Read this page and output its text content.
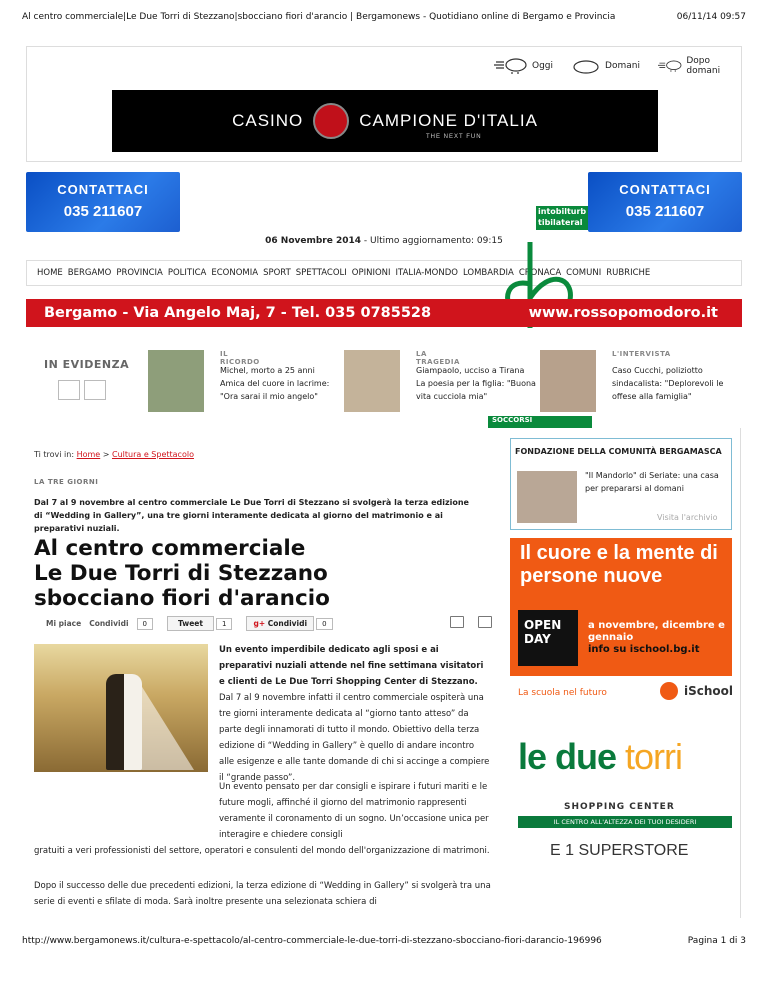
Al centro commerciale|Le Due Torri di Stezzano|sbocciano fiori d'arancio | Bergamonews - Quotidiano online di Bergamo e Provincia	06/11/14 09:57
Oggi	Domani	Dopo domani
CASINO	CAMPIONE D'ITALIA
THE NEXT FUN
CONTATTACI
035 211607	intobilturb tibilateral
CONTATTACI
035 211607
06 Novembre 2014 - Ultimo aggiornamento: 09:15
HOME BERGAMO PROVINCIA POLITICA ECONOMIA SPORT SPETTACOLI OPINIONI ITALIA-MONDO LOMBARDIA CRONACA COMUNI RUBRICHE
Bergamo - Via Angelo Maj, 7 - Tel. 035 0785528	www.rossopomodoro.it
IN EVIDENZA
IL RICORDO
Michel, morto a 25 anni Amica del cuore in lacrime: "Ora sarai il mio angelo"
LA TRAGEDIA
Giampaolo, ucciso a Tirana La poesia per la figlia: "Buona vita cucciola mia"
L'INTERVISTA
Caso Cucchi, poliziotto sindacalista: "Deplorevoli le offese alla famiglia"
SOCCORSI
Ti trovi in: Home > Cultura e Spettacolo
LA TRE GIORNI
Dal 7 al 9 novembre al centro commerciale Le Due Torri di Stezzano si svolgerà la terza edizione di “Wedding in Gallery”, una tre giorni interamente dedicata al giorno del matrimonio e ai preparativi nuziali.
Al centro commerciale Le Due Torri di Stezzano sbocciano fiori d'arancio
Mi piace Condividi	0	Tweet	1	g+ Condividi	0
Un evento imperdibile dedicato agli sposi e ai preparativi nuziali attende nel fine settimana visitatori e clienti de Le Due Torri Shopping Center di Stezzano. Dal 7 al 9 novembre infatti il centro commerciale ospiterà una tre giorni interamente dedicata al “giorno tanto atteso” da parte degli innamorati di tutto il mondo. Obiettivo della terza edizione di “Wedding in Gallery” è quello di andare incontro alle esigenze e alle tante domande di chi si accinge a compiere il “grande passo”.
Un evento pensato per dar consigli e ispirare i futuri mariti e le future mogli, affinché il giorno del matrimonio rappresenti veramente il coronamento di un sogno. Un’occasione unica per interagire e chiedere consigli
gratuiti a veri professionisti del settore, operatori e consulenti del mondo dell'organizzazione di matrimoni.
Dopo il successo delle due precedenti edizioni, la terza edizione di “Wedding in Gallery” si svolgerà tra una serie di eventi e sfilate di moda. Sarà inoltre presente una selezionata schiera di
FONDAZIONE DELLA COMUNITÀ BERGAMASCA
"Il Mandorlo" di Seriate: una casa per prepararsi al domani
Visita l'archivio
Il cuore e la mente di persone nuove
OPEN DAY
a novembre, dicembre e gennaio
info su ischool.bg.it
La scuola nel futuro	iSchool
le due torri
SHOPPING CENTER
IL CENTRO ALL'ALTEZZA DEI TUOI DESIDERI
E 1 SUPERSTORE
http://www.bergamonews.it/cultura-e-spettacolo/al-centro-commerciale-le-due-torri-di-stezzano-sbocciano-fiori-darancio-196996	Pagina 1 di 3
